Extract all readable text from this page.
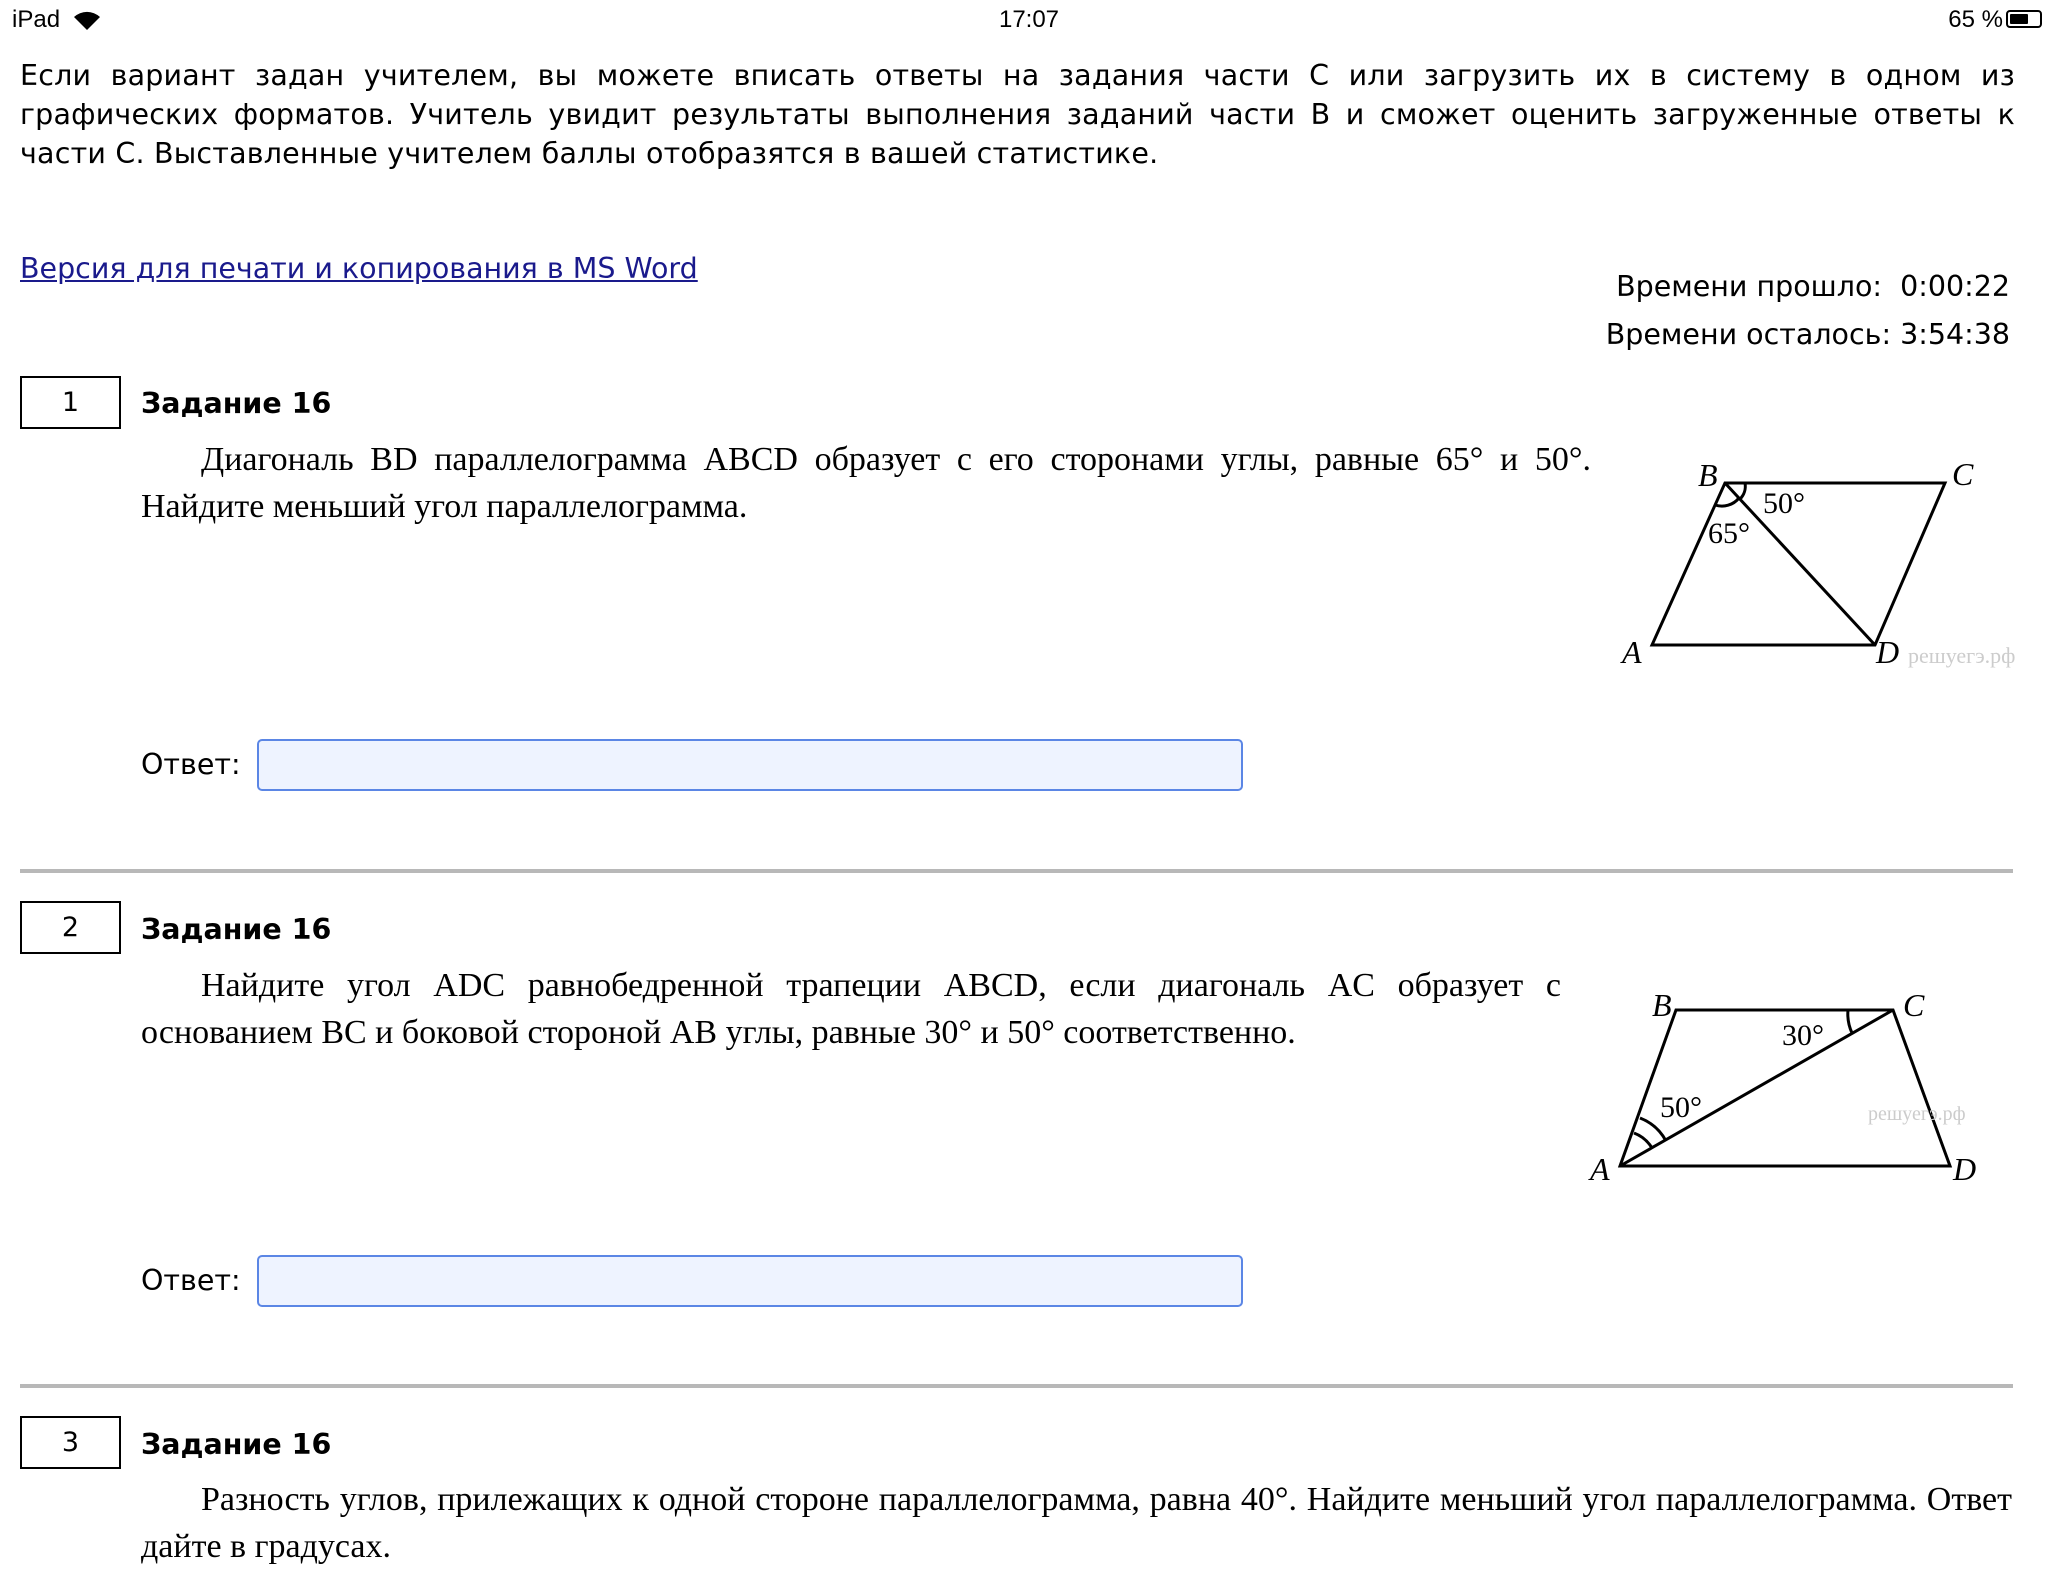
iPad	17:07	65 %
Если вариант задан учителем, вы можете вписать ответы на задания части С или загрузить их в систему в одном из графических форматов. Учитель увидит результаты выполнения заданий части В и сможет оценить загруженные ответы к части С. Выставленные учителем баллы отобразятся в вашей статистике.
Версия для печати и копирования в MS Word
Времени прошло: 0:00:22
Времени осталось: 3:54:38
1	Задание 16
Диагональ BD параллелограмма ABCD образует с его сторонами углы, равные 65° и 50°. Найдите меньший угол параллелограмма.
B	C
A	D
65°
50°
решуегэ.рф
Ответ:
2	Задание 16
Найдите угол ADC равнобедренной трапеции ABCD, если диагональ AC образует с основанием BC и боковой стороной AB углы, равные 30° и 50° соответственно.
B	C
A	D
50°
30°
решуегэ.рф
Ответ:
3	Задание 16
Разность углов, прилежащих к одной стороне параллелограмма, равна 40°. Найдите меньший угол параллелограмма. Ответ дайте в градусах.
